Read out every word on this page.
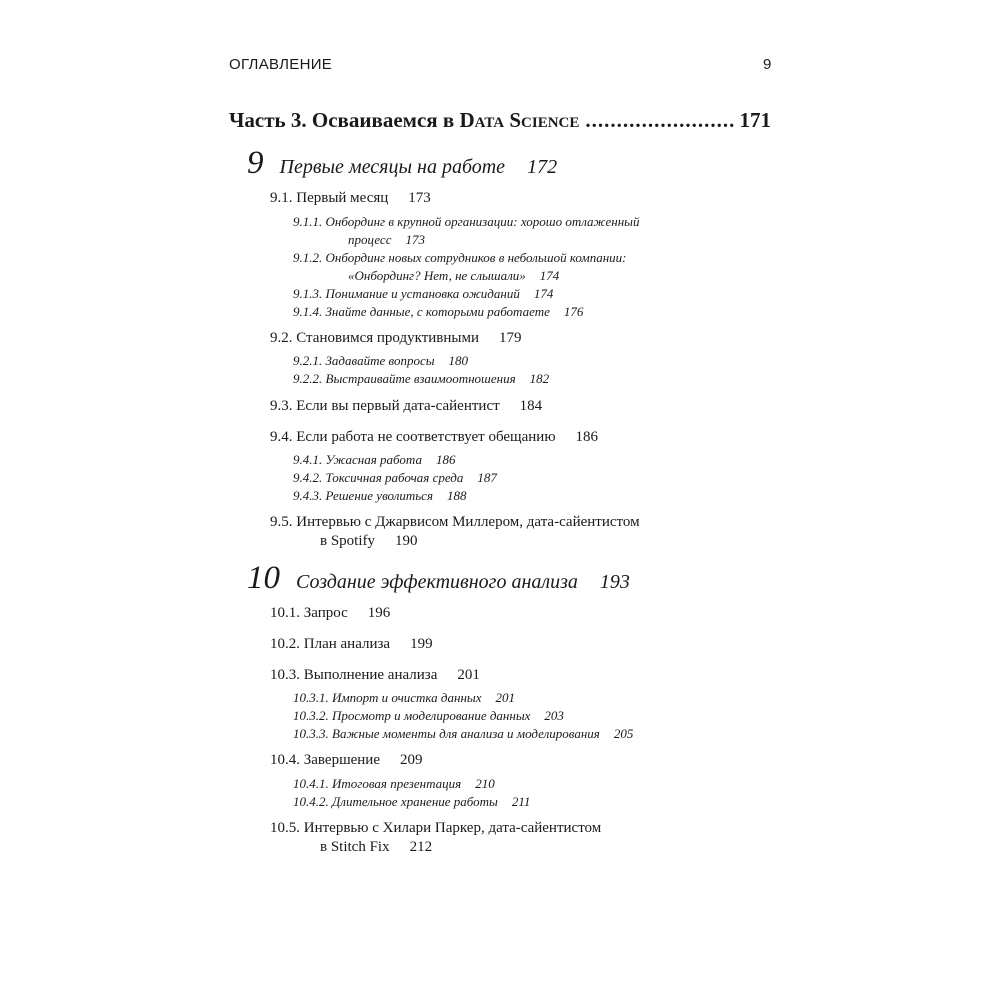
ОГЛАВЛЕНИЕ	9
Часть 3. Осваиваемся в Data Science
.....	171
9 Первые месяцы на работе 172
9.1. Первый месяц 173
9.1.1. Онбординг в крупной организации: хорошо отлаженный
процесс 173
9.1.2. Онбординг новых сотрудников в небольшой компании:
«Онбординг? Нет, не слышали» 174
9.1.3. Понимание и установка ожиданий 174
9.1.4. Знайте данные, с которыми работаете 176
9.2. Становимся продуктивными 179
9.2.1. Задавайте вопросы 180
9.2.2. Выстраивайте взаимоотношения 182
9.3. Если вы первый дата-сайентист 184
9.4. Если работа не соответствует обещанию 186
9.4.1. Ужасная работа 186
9.4.2. Токсичная рабочая среда 187
9.4.3. Решение уволиться 188
9.5. Интервью с Джарвисом Миллером, дата-сайентистом
в Spotify 190
10 Создание эффективного анализа 193
10.1. Запрос 196
10.2. План анализа 199
10.3. Выполнение анализа 201
10.3.1. Импорт и очистка данных 201
10.3.2. Просмотр и моделирование данных 203
10.3.3. Важные моменты для анализа и моделирования 205
10.4. Завершение 209
10.4.1. Итоговая презентация 210
10.4.2. Длительное хранение работы 211
10.5. Интервью с Хилари Паркер, дата-сайентистом
в Stitch Fix 212
